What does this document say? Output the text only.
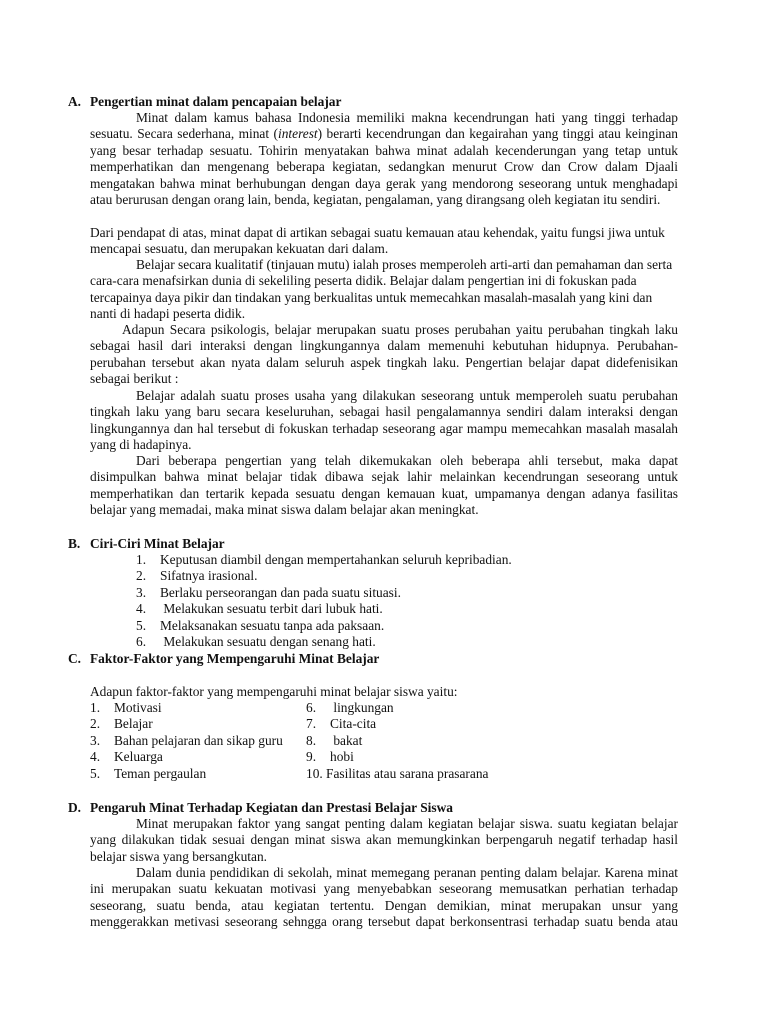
A. Pengertian minat dalam pencapaian belajar
Minat dalam kamus bahasa Indonesia memiliki makna kecendrungan hati yang tinggi terhadap sesuatu. Secara sederhana, minat (interest) berarti kecendrungan dan kegairahan yang tinggi atau keinginan yang besar terhadap sesuatu. Tohirin menyatakan bahwa minat adalah kecenderungan yang tetap untuk memperhatikan dan mengenang beberapa kegiatan, sedangkan menurut Crow dan Crow dalam Djaali mengatakan bahwa minat berhubungan dengan daya gerak yang mendorong seseorang untuk menghadapi atau berurusan dengan orang lain, benda, kegiatan, pengalaman, yang dirangsang oleh kegiatan itu sendiri.
Dari pendapat di atas, minat dapat di artikan sebagai suatu kemauan atau kehendak, yaitu fungsi jiwa untuk mencapai sesuatu, dan merupakan kekuatan dari dalam.
Belajar secara kualitatif (tinjauan mutu) ialah proses memperoleh arti-arti dan pemahaman dan serta cara-cara menafsirkan dunia di sekeliling peserta didik. Belajar dalam pengertian ini di fokuskan pada tercapainya daya pikir dan tindakan yang berkualitas untuk memecahkan masalah-masalah yang kini dan nanti di hadapi peserta didik.
Adapun Secara psikologis, belajar merupakan suatu proses perubahan yaitu perubahan tingkah laku sebagai hasil dari interaksi dengan lingkungannya dalam memenuhi kebutuhan hidupnya. Perubahan-perubahan tersebut akan nyata dalam seluruh aspek tingkah laku. Pengertian belajar dapat didefenisikan sebagai berikut :
Belajar adalah suatu proses usaha yang dilakukan seseorang untuk memperoleh suatu perubahan tingkah laku yang baru secara keseluruhan, sebagai hasil pengalamannya sendiri dalam interaksi dengan lingkungannya dan hal tersebut di fokuskan terhadap seseorang agar mampu memecahkan masalah masalah yang di hadapinya.
Dari beberapa pengertian yang telah dikemukakan oleh beberapa ahli tersebut, maka dapat disimpulkan bahwa minat belajar tidak dibawa sejak lahir melainkan kecendrungan seseorang untuk memperhatikan dan tertarik kepada sesuatu dengan kemauan kuat, umpamanya dengan adanya fasilitas belajar yang memadai, maka minat siswa dalam belajar akan meningkat.
B. Ciri-Ciri Minat Belajar
1. Keputusan diambil dengan mempertahankan seluruh kepribadian.
2. Sifatnya irasional.
3. Berlaku perseorangan dan pada suatu situasi.
4. Melakukan sesuatu terbit dari lubuk hati.
5. Melaksanakan sesuatu tanpa ada paksaan.
6. Melakukan sesuatu dengan senang hati.
C. Faktor-Faktor yang Mempengaruhi Minat Belajar
Adapun faktor-faktor yang mempengaruhi minat belajar siswa yaitu:
1. Motivasi
2. Belajar
3. Bahan pelajaran dan sikap guru
4. Keluarga
5. Teman pergaulan
6. lingkungan
7. Cita-cita
8. bakat
9. hobi
10. Fasilitas atau sarana prasarana
D. Pengaruh Minat Terhadap Kegiatan dan Prestasi Belajar Siswa
Minat merupakan faktor yang sangat penting dalam kegiatan belajar siswa. suatu kegiatan belajar yang dilakukan tidak sesuai dengan minat siswa akan memungkinkan berpengaruh negatif terhadap hasil belajar siswa yang bersangkutan.
Dalam dunia pendidikan di sekolah, minat memegang peranan penting dalam belajar. Karena minat ini merupakan suatu kekuatan motivasi yang menyebabkan seseorang memusatkan perhatian terhadap seseorang, suatu benda, atau kegiatan tertentu. Dengan demikian, minat merupakan unsur yang menggerakkan metivasi seseorang sehngga orang tersebut dapat berkonsentrasi terhadap suatu benda atau
